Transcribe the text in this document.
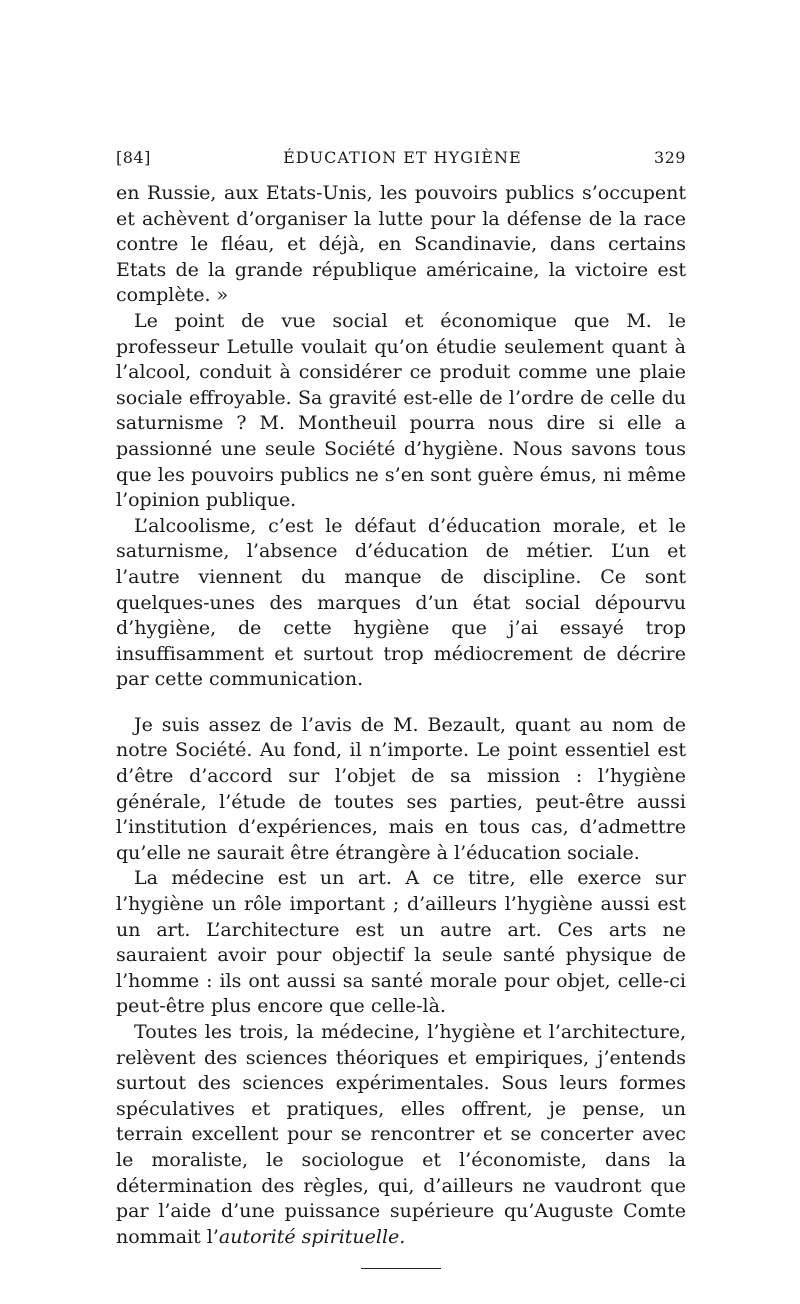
[84]	ÉDUCATION ET HYGIÈNE	329

en Russie, aux Etats-Unis, les pouvoirs publics s’occupent et achèvent d’organiser la lutte pour la défense de la race contre le fléau, et déjà, en Scandinavie, dans certains Etats de la grande république américaine, la victoire est complète. »

Le point de vue social et économique que M. le professeur Letulle voulait qu’on étudie seulement quant à l’alcool, conduit à considérer ce produit comme une plaie sociale effroyable. Sa gravité est-elle de l’ordre de celle du saturnisme ? M. Montheuil pourra nous dire si elle a passionné une seule Société d’hygiène. Nous savons tous que les pouvoirs publics ne s’en sont guère émus, ni même l’opinion publique.

L’alcoolisme, c’est le défaut d’éducation morale, et le saturnisme, l’absence d’éducation de métier. L’un et l’autre viennent du manque de discipline. Ce sont quelques-unes des marques d’un état social dépourvu d’hygiène, de cette hygiène que j’ai essayé trop insuffisamment et surtout trop médiocrement de décrire par cette communication.

Je suis assez de l’avis de M. Bezault, quant au nom de notre Société. Au fond, il n’importe. Le point essentiel est d’être d’accord sur l’objet de sa mission : l’hygiène générale, l’étude de toutes ses parties, peut-être aussi l’institution d’expériences, mais en tous cas, d’admettre qu’elle ne saurait être étrangère à l’éducation sociale.

La médecine est un art. A ce titre, elle exerce sur l’hygiène un rôle important ; d’ailleurs l’hygiène aussi est un art. L’architecture est un autre art. Ces arts ne sauraient avoir pour objectif la seule santé physique de l’homme : ils ont aussi sa santé morale pour objet, celle-ci peut-être plus encore que celle-là.

Toutes les trois, la médecine, l’hygiène et l’architecture, relèvent des sciences théoriques et empiriques, j’entends surtout des sciences expérimentales. Sous leurs formes spéculatives et pratiques, elles offrent, je pense, un terrain excellent pour se rencontrer et se concerter avec le moraliste, le sociologue et l’économiste, dans la détermination des règles, qui, d’ailleurs ne vaudront que par l’aide d’une puissance supérieure qu’Auguste Comte nommait l’autorité spirituelle.
